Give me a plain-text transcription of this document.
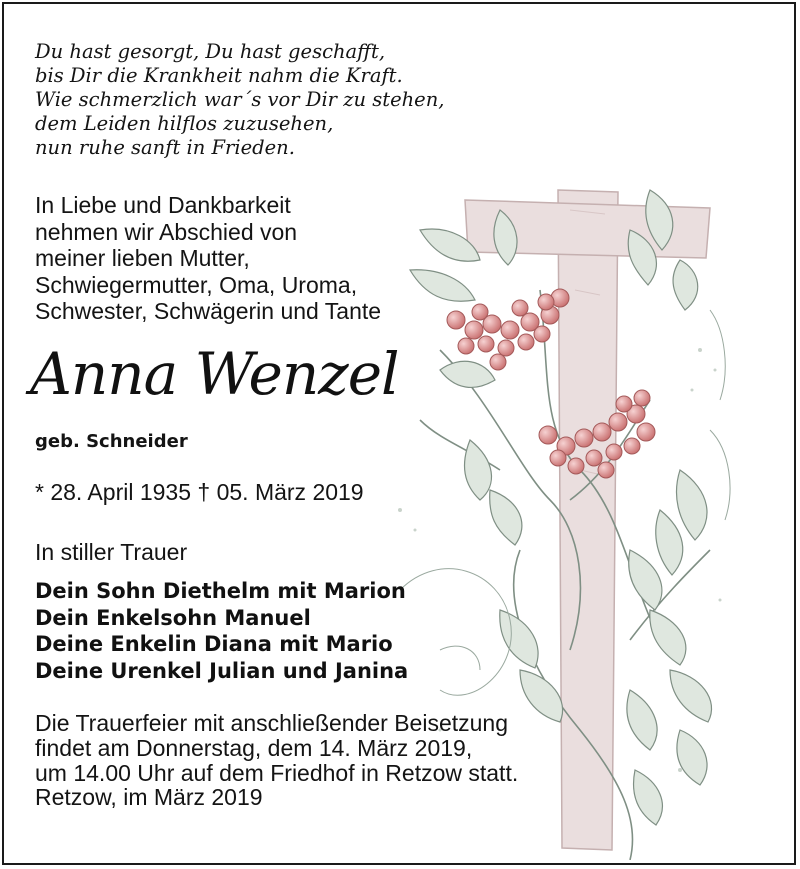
Du hast gesorgt, Du hast geschafft,
bis Dir die Krankheit nahm die Kraft.
Wie schmerzlich war´s vor Dir zu stehen,
dem Leiden hilflos zuzusehen,
nun ruhe sanft in Frieden.
In Liebe und Dankbarkeit
nehmen wir Abschied von
meiner lieben Mutter,
Schwiegermutter, Oma, Uroma,
Schwester, Schwägerin und Tante
Anna Wenzel
geb. Schneider
* 28. April 1935 † 05. März 2019
In stiller Trauer
Dein Sohn Diethelm mit Marion
Dein Enkelsohn Manuel
Deine Enkelin Diana mit Mario
Deine Urenkel Julian und Janina
Die Trauerfeier mit anschließender Beisetzung
findet am Donnerstag, dem 14. März 2019,
um 14.00 Uhr auf dem Friedhof in Retzow statt.
Retzow, im März 2019
